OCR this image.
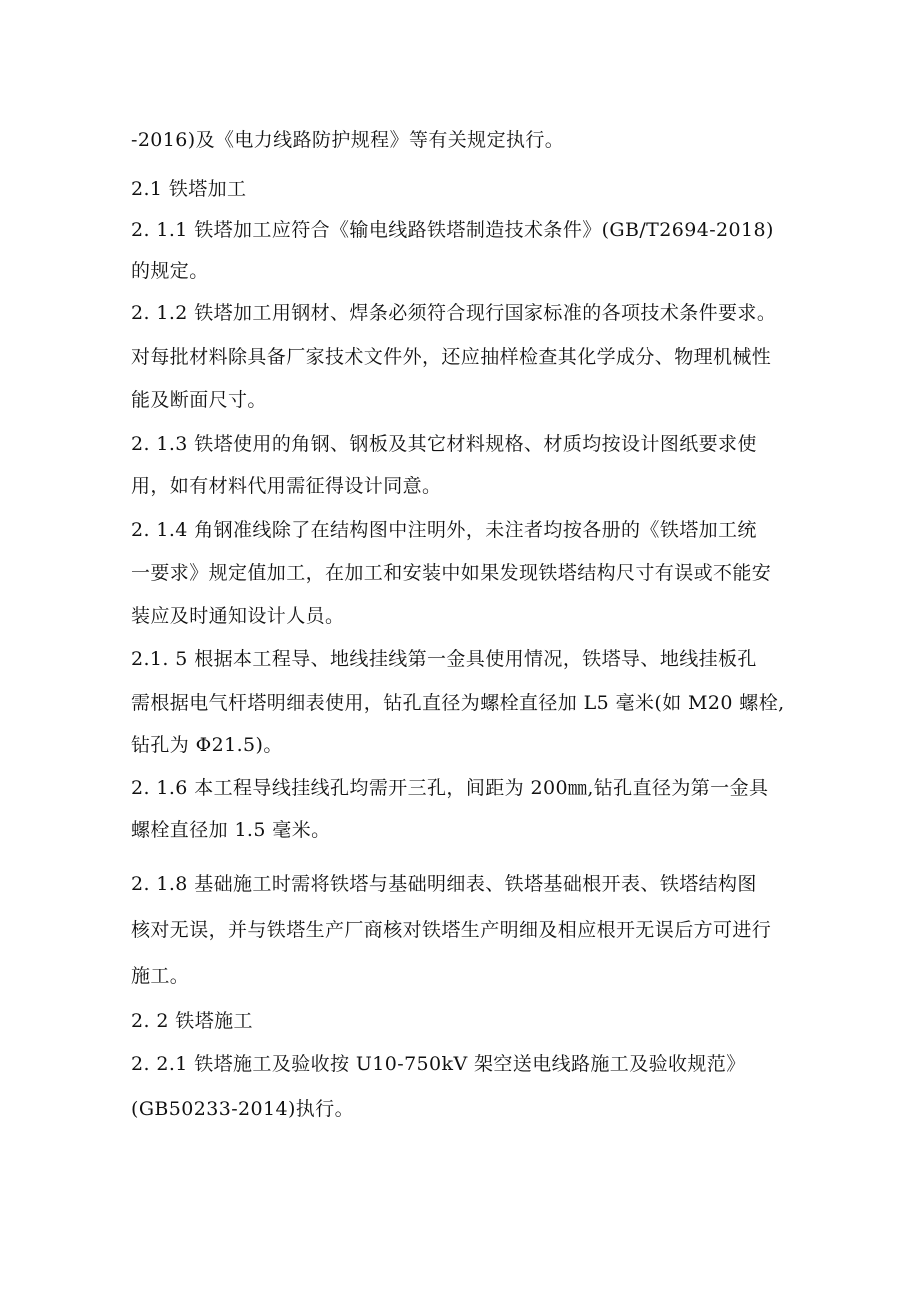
-2016)及《电力线路防护规程》等有关规定执行。
2.1 铁塔加工
2. 1.1 铁塔加工应符合《输电线路铁塔制造技术条件》(GB/T2694-2018)
的规定。
2. 1.2 铁塔加工用钢材、焊条必须符合现行国家标准的各项技术条件要求。
对每批材料除具备厂家技术文件外，还应抽样检查其化学成分、物理机械性
能及断面尺寸。
2. 1.3 铁塔使用的角钢、钢板及其它材料规格、材质均按设计图纸要求使
用，如有材料代用需征得设计同意。
2. 1.4 角钢准线除了在结构图中注明外，未注者均按各册的《铁塔加工统
一要求》规定值加工，在加工和安装中如果发现铁塔结构尺寸有误或不能安
装应及时通知设计人员。
2.1. 5 根据本工程导、地线挂线第一金具使用情况，铁塔导、地线挂板孔
需根据电气杆塔明细表使用，钻孔直径为螺栓直径加 L5 毫米(如 M20 螺栓,
钻孔为 Φ21.5)。
2. 1.6 本工程导线挂线孔均需开三孔，间距为 200㎜,钻孔直径为第一金具
螺栓直径加 1.5 毫米。
2. 1.8 基础施工时需将铁塔与基础明细表、铁塔基础根开表、铁塔结构图
核对无误，并与铁塔生产厂商核对铁塔生产明细及相应根开无误后方可进行
施工。
2. 2 铁塔施工
2. 2.1 铁塔施工及验收按 U10-750kV 架空送电线路施工及验收规范》
(GB50233-2014)执行。
